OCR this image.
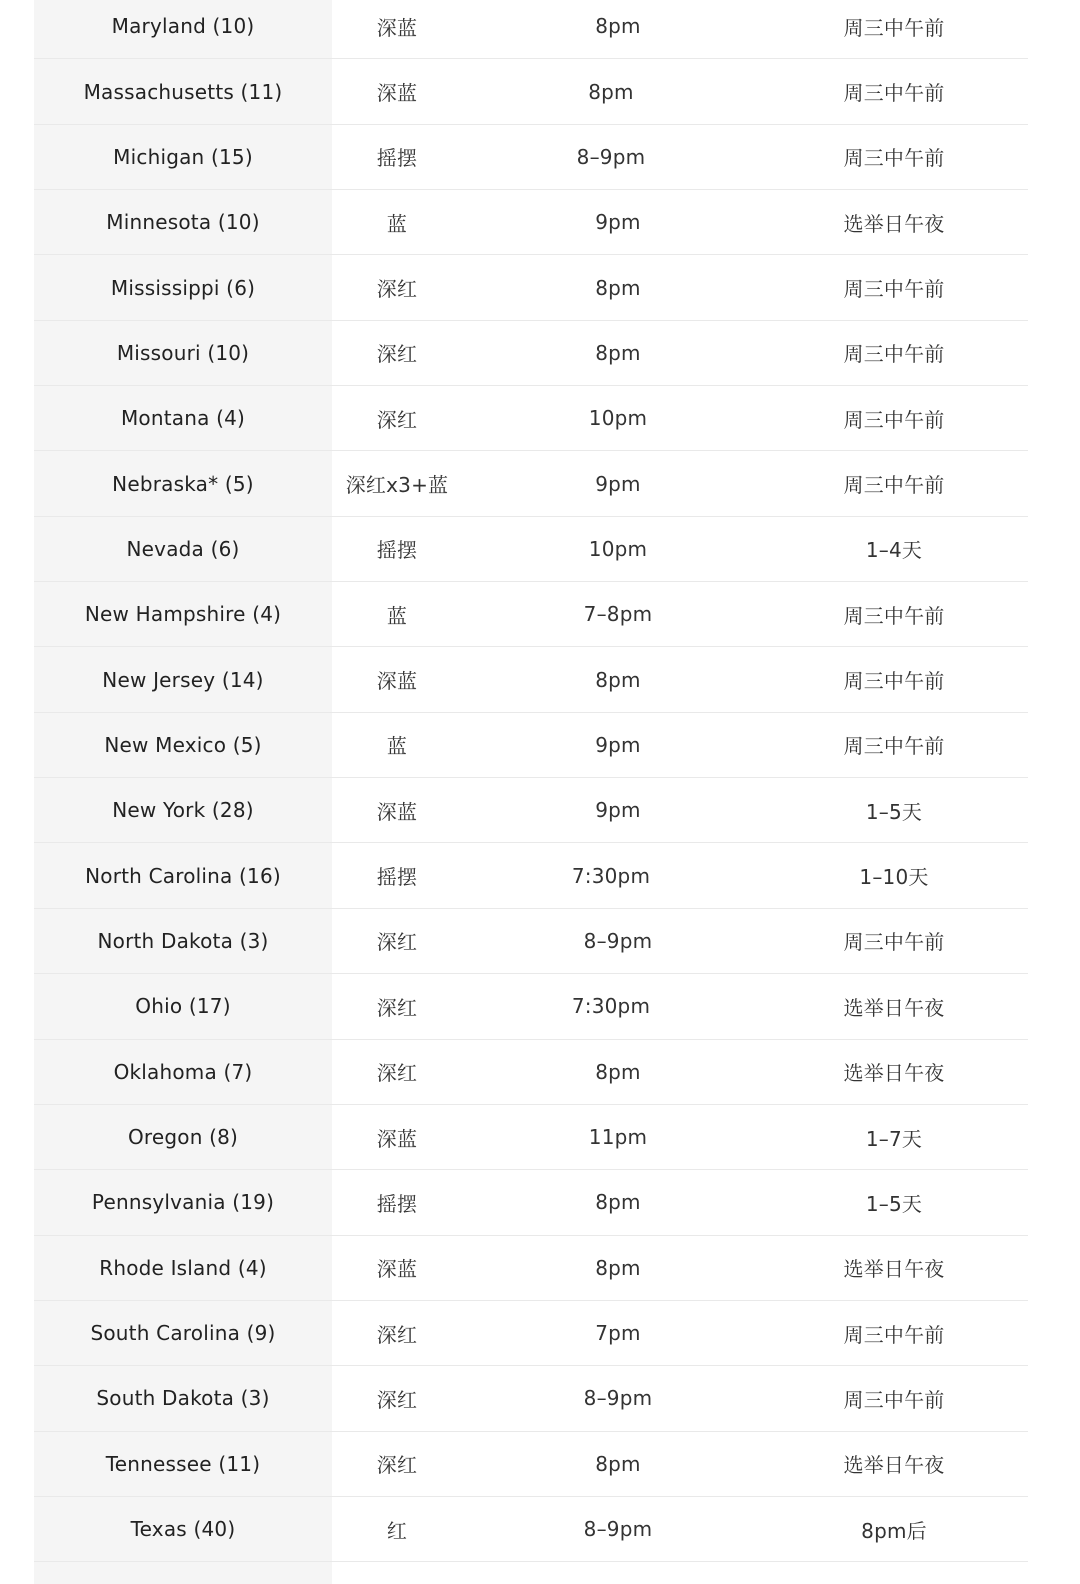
Maryland (10)	深蓝	8pm	周三中午前
Massachusetts (11)	深蓝	8pm	周三中午前
Michigan (15)	摇摆	8–9pm	周三中午前
Minnesota (10)	蓝	9pm	选举日午夜
Mississippi (6)	深红	8pm	周三中午前
Missouri (10)	深红	8pm	周三中午前
Montana (4)	深红	10pm	周三中午前
Nebraska* (5)	深红x3+蓝	9pm	周三中午前
Nevada (6)	摇摆	10pm	1–4天
New Hampshire (4)	蓝	7–8pm	周三中午前
New Jersey (14)	深蓝	8pm	周三中午前
New Mexico (5)	蓝	9pm	周三中午前
New York (28)	深蓝	9pm	1–5天
North Carolina (16)	摇摆	7:30pm	1–10天
North Dakota (3)	深红	8–9pm	周三中午前
Ohio (17)	深红	7:30pm	选举日午夜
Oklahoma (7)	深红	8pm	选举日午夜
Oregon (8)	深蓝	11pm	1–7天
Pennsylvania (19)	摇摆	8pm	1–5天
Rhode Island (4)	深蓝	8pm	选举日午夜
South Carolina (9)	深红	7pm	周三中午前
South Dakota (3)	深红	8–9pm	周三中午前
Tennessee (11)	深红	8pm	选举日午夜
Texas (40)	红	8–9pm	8pm后
